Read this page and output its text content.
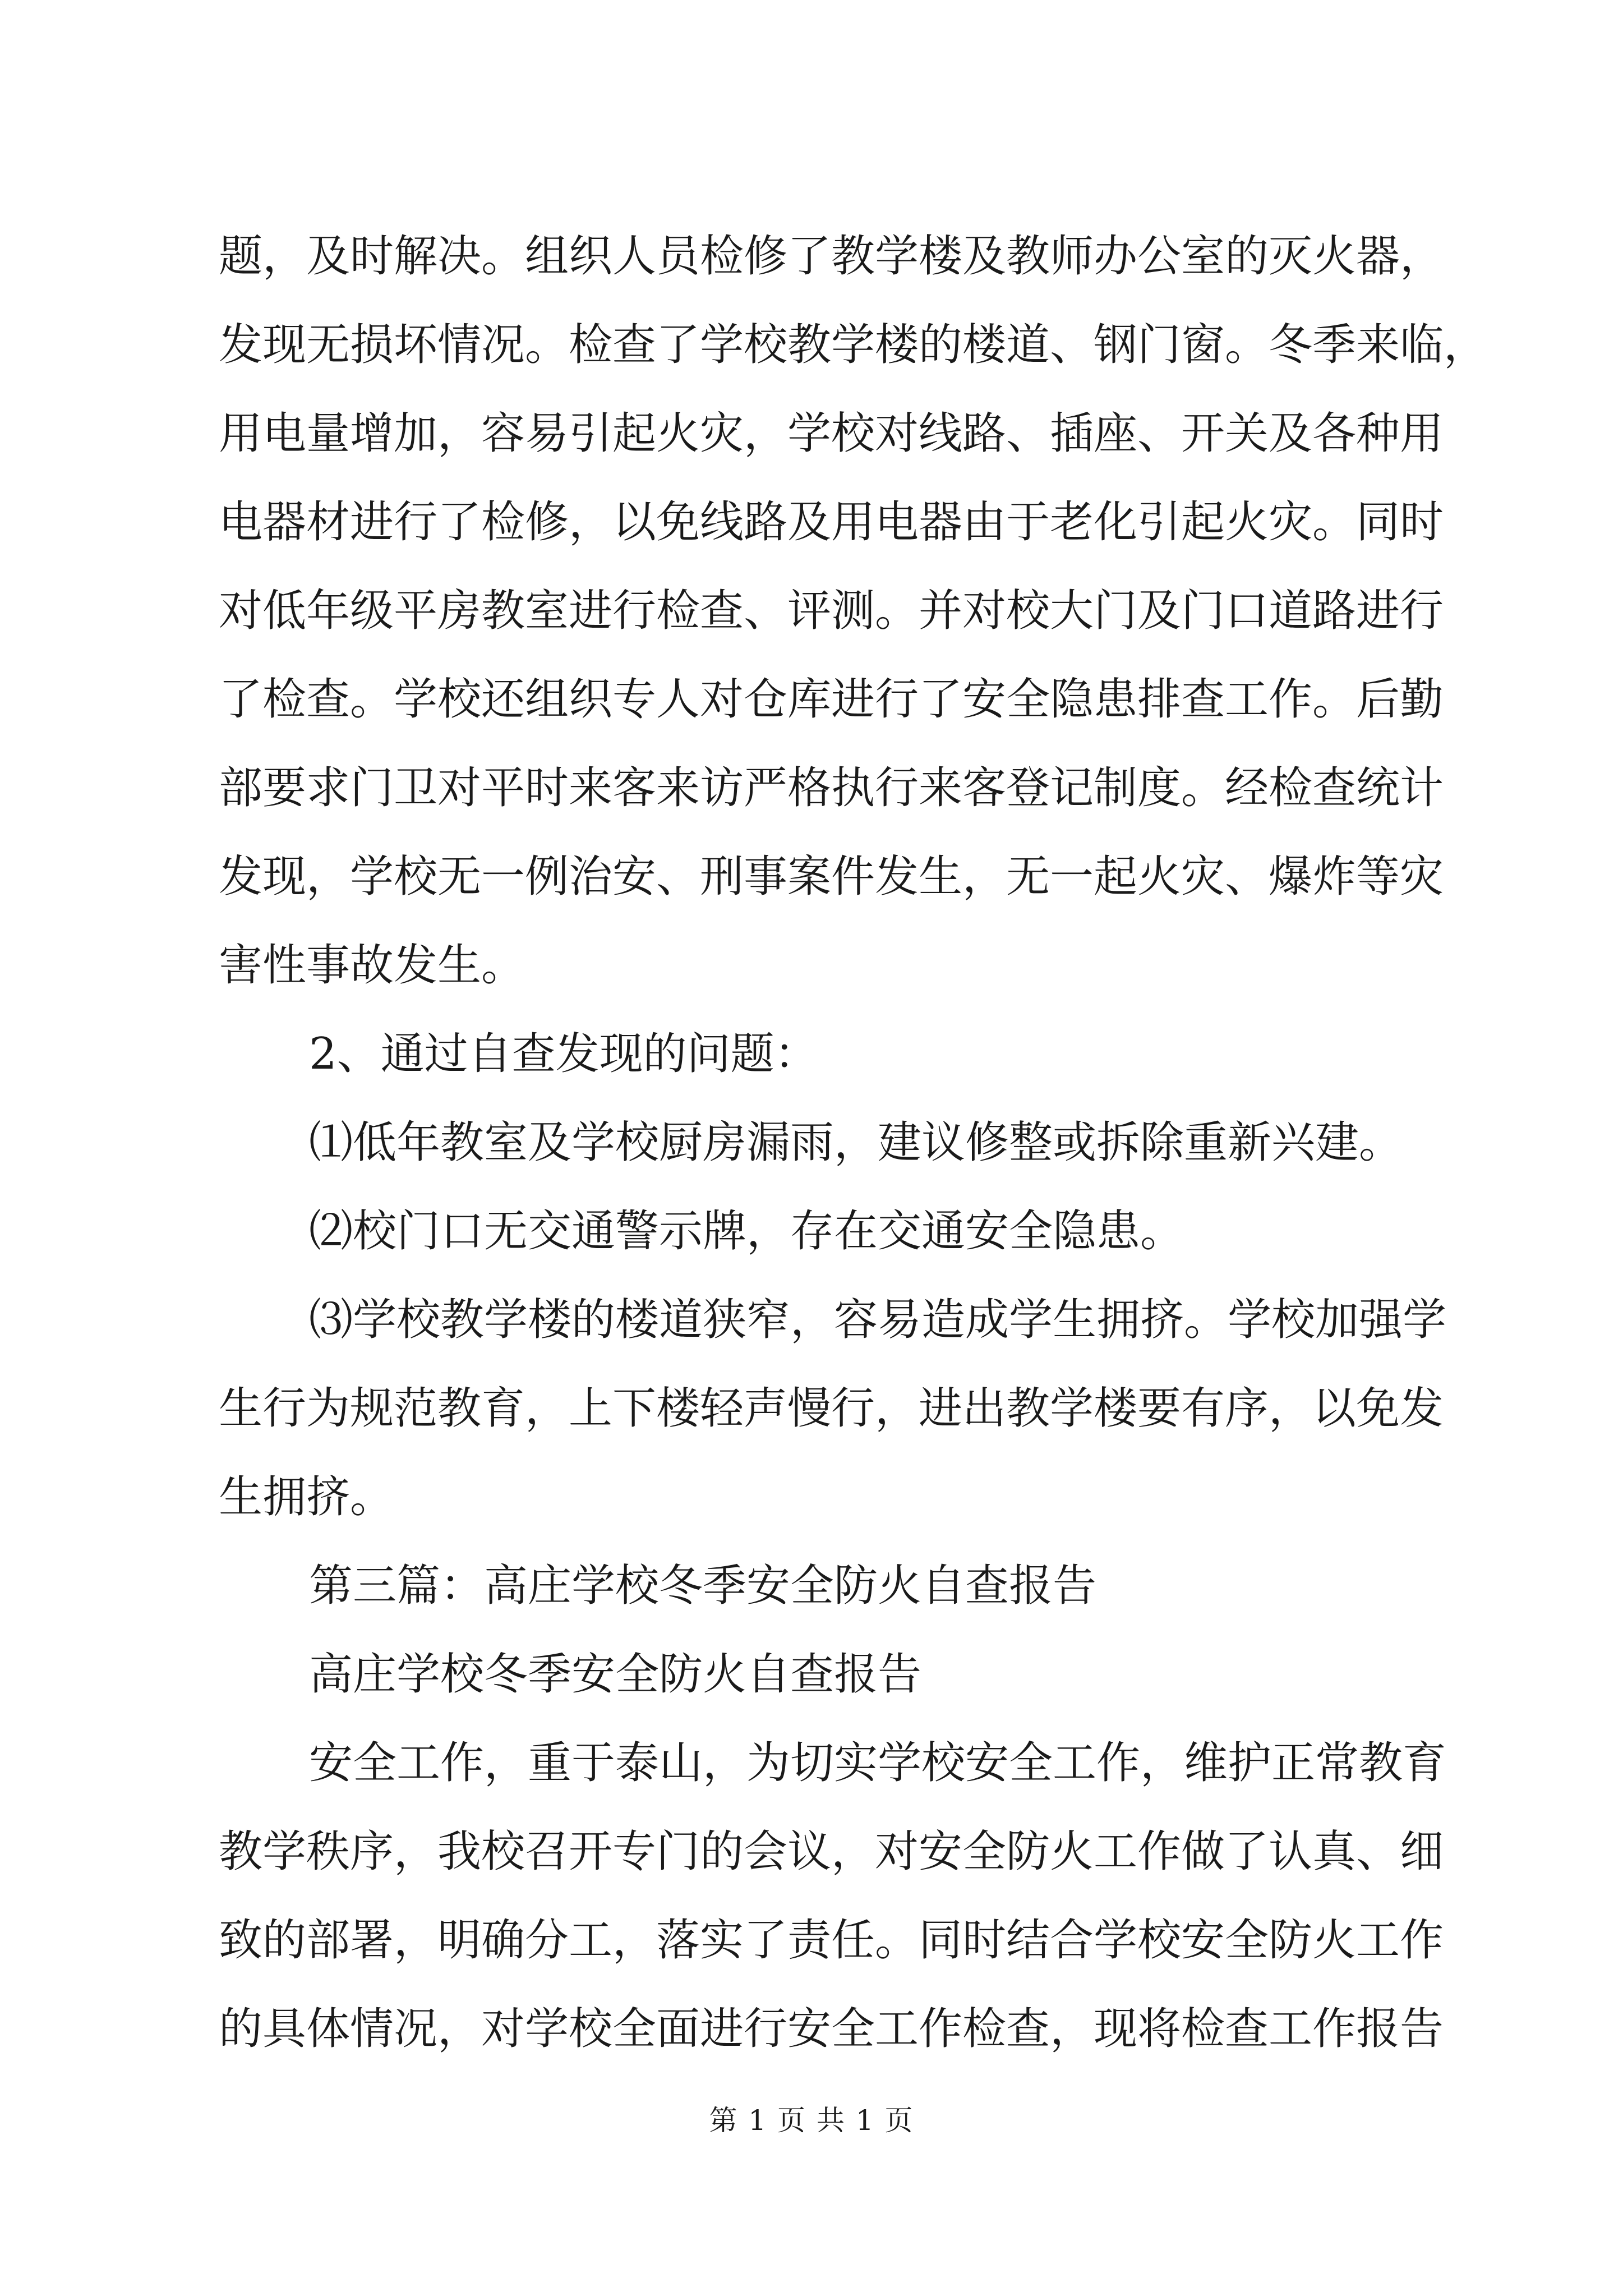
题，及时解决。组织人员检修了教学楼及教师办公室的灭火器，
发现无损坏情况。检查了学校教学楼的楼道、钢门窗。冬季来临，
用电量增加，容易引起火灾，学校对线路、插座、开关及各种用
电器材进行了检修，以免线路及用电器由于老化引起火灾。同时
对低年级平房教室进行检查、评测。并对校大门及门口道路进行
了检查。学校还组织专人对仓库进行了安全隐患排查工作。后勤
部要求门卫对平时来客来访严格执行来客登记制度。经检查统计
发现，学校无一例治安、刑事案件发生，无一起火灾、爆炸等灾
害性事故发生。
2、通过自查发现的问题：
⑴低年教室及学校厨房漏雨，建议修整或拆除重新兴建。
⑵校门口无交通警示牌，存在交通安全隐患。
⑶学校教学楼的楼道狭窄，容易造成学生拥挤。学校加强学
生行为规范教育，上下楼轻声慢行，进出教学楼要有序，以免发
生拥挤。
第三篇：高庄学校冬季安全防火自查报告
高庄学校冬季安全防火自查报告
安全工作，重于泰山，为切实学校安全工作，维护正常教育
教学秩序，我校召开专门的会议，对安全防火工作做了认真、细
致的部署，明确分工，落实了责任。同时结合学校安全防火工作
的具体情况，对学校全面进行安全工作检查，现将检查工作报告
第 1 页 共 1 页
